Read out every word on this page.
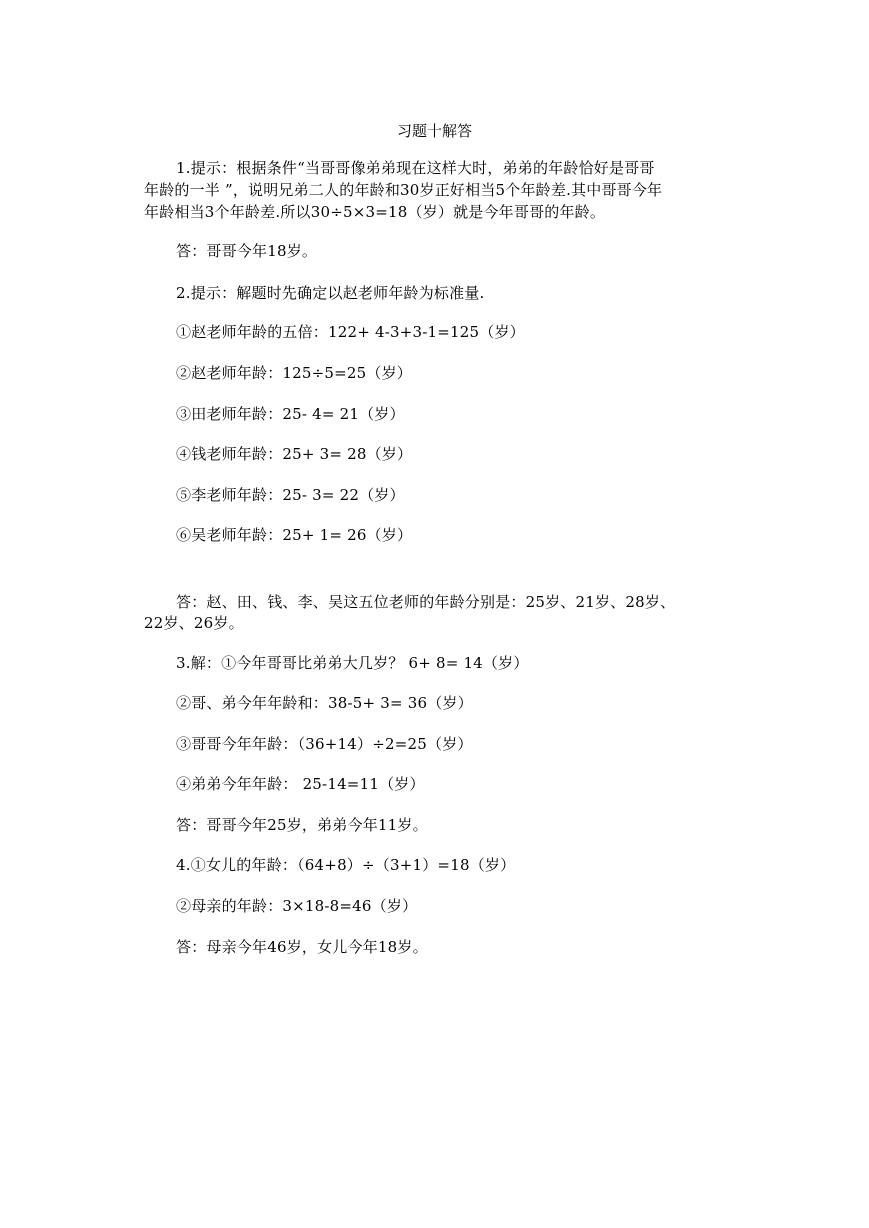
习题十解答
1.提示：根据条件“当哥哥像弟弟现在这样大时，弟弟的年龄恰好是哥哥
年龄的一半 ”，说明兄弟二人的年龄和30岁正好相当5个年龄差.其中哥哥今年
年龄相当3个年龄差.所以30÷5×3=18（岁）就是今年哥哥的年龄。
答：哥哥今年18岁。
2.提示：解题时先确定以赵老师年龄为标准量.
①赵老师年龄的五倍：122+ 4-3+3-1=125（岁）
②赵老师年龄：125÷5=25（岁）
③田老师年龄：25- 4= 21（岁）
④钱老师年龄：25+ 3= 28（岁）
⑤李老师年龄：25- 3= 22（岁）
⑥吴老师年龄：25+ 1= 26（岁）
答：赵、田、钱、李、吴这五位老师的年龄分别是：25岁、21岁、28岁、
22岁、26岁。
3.解：①今年哥哥比弟弟大几岁？ 6+ 8= 14（岁）
②哥、弟今年年龄和：38-5+ 3= 36（岁）
③哥哥今年年龄：（36+14）÷2=25（岁）
④弟弟今年年龄： 25-14=11（岁）
答：哥哥今年25岁，弟弟今年11岁。
4.①女儿的年龄：（64+8）÷（3+1）=18（岁）
②母亲的年龄：3×18-8=46（岁）
答：母亲今年46岁，女儿今年18岁。
